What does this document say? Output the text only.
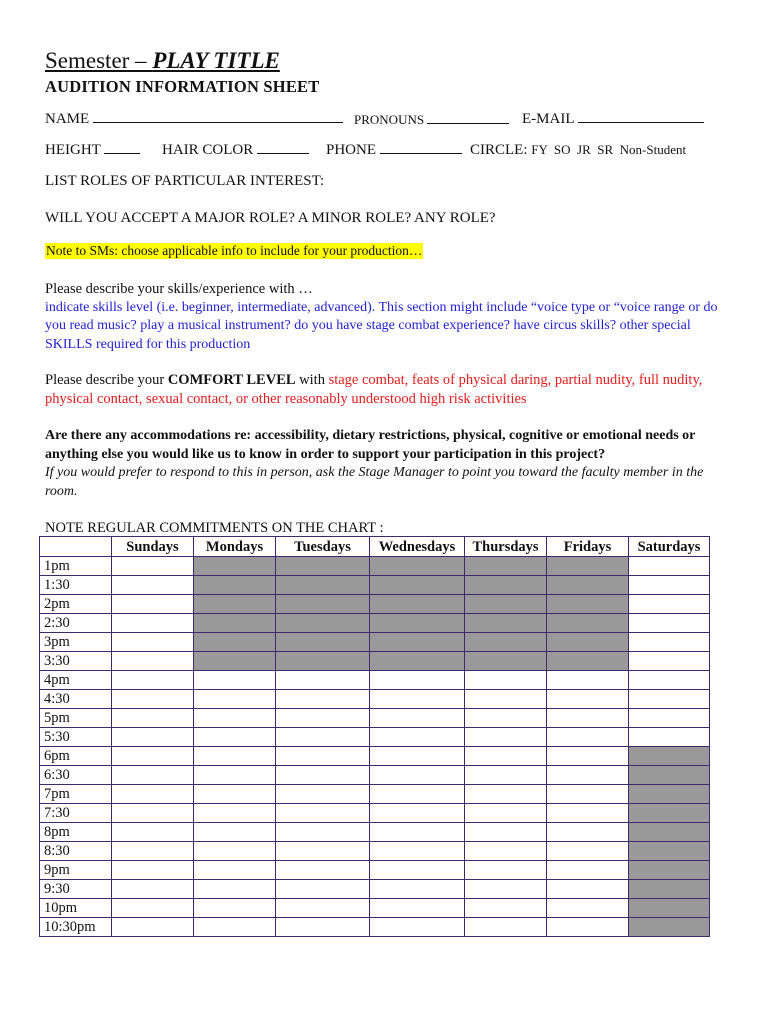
Semester – PLAY TITLE
AUDITION INFORMATION SHEET
NAME	PRONOUNS	E-MAIL
HEIGHT	HAIR COLOR	PHONE	CIRCLE: FY  SO  JR  SR  Non-Student
LIST ROLES OF PARTICULAR INTEREST:
WILL YOU ACCEPT A MAJOR ROLE? A MINOR ROLE? ANY ROLE?
Note to SMs: choose applicable info to include for your production…
Please describe your skills/experience with …
indicate skills level (i.e. beginner, intermediate, advanced). This section might include “voice type or “voice range or do you read music? play a musical instrument? do you have stage combat experience? have circus skills? other special SKILLS required for this production
Please describe your COMFORT LEVEL with stage combat, feats of physical daring, partial nudity, full nudity, physical contact, sexual contact, or other reasonably understood high risk activities
Are there any accommodations re: accessibility, dietary restrictions, physical, cognitive or emotional needs or anything else you would like us to know in order to support your participation in this project?
If you would prefer to respond to this in person, ask the Stage Manager to point you toward the faculty member in the room.
NOTE REGULAR COMMITMENTS ON THE CHART :
	Sundays	Mondays	Tuesdays	Wednesdays	Thursdays	Fridays	Saturdays
1pm							
1:30							
2pm							
2:30							
3pm							
3:30							
4pm							
4:30							
5pm							
5:30							
6pm							
6:30							
7pm							
7:30							
8pm							
8:30							
9pm							
9:30							
10pm							
10:30pm							
